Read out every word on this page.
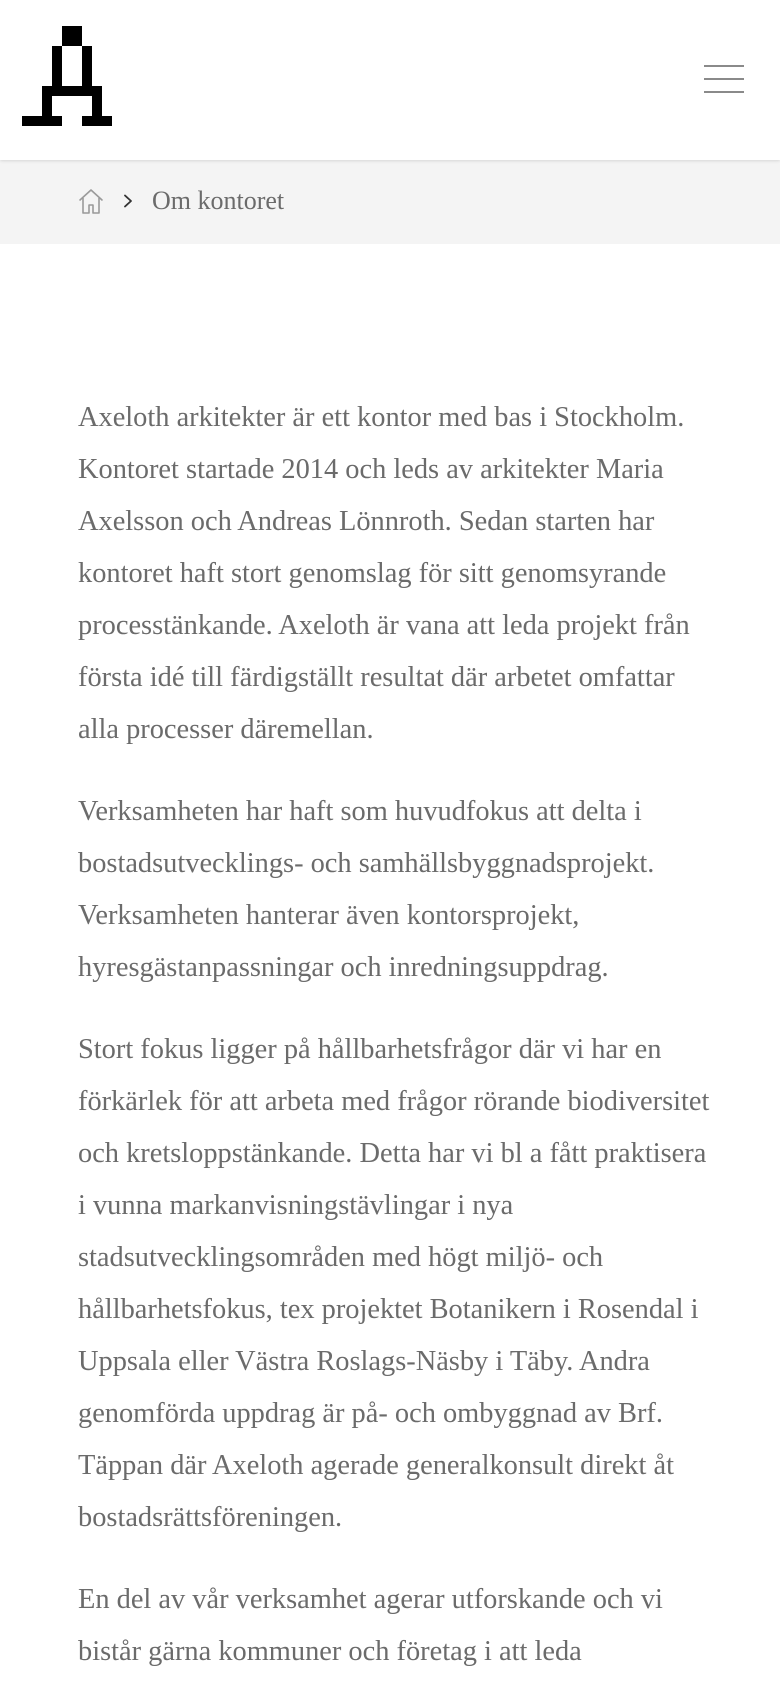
Om kontoret

Axeloth arkitekter är ett kontor med bas i Stockholm. Kontoret startade 2014 och leds av arkitekter Maria Axelsson och Andreas Lönnroth. Sedan starten har kontoret haft stort genomslag för sitt genomsyrande processtänkande. Axeloth är vana att leda projekt från första idé till färdigställt resultat där arbetet omfattar alla processer däremellan.

Verksamheten har haft som huvudfokus att delta i bostadsutvecklings- och samhällsbyggnadsprojekt. Verksamheten hanterar även kontorsprojekt, hyresgästanpassningar och inredningsuppdrag.

Stort fokus ligger på hållbarhetsfrågor där vi har en förkärlek för att arbeta med frågor rörande biodiversitet och kretsloppstänkande. Detta har vi bl a fått praktisera i vunna markanvisningstävlingar i nya stadsutvecklingsområden med högt miljö- och hållbarhetsfokus, tex projektet Botanikern i Rosendal i Uppsala eller Västra Roslags-Näsby i Täby. Andra genomförda uppdrag är på- och ombyggnad av Brf. Täppan där Axeloth agerade generalkonsult direkt åt bostadsrättsföreningen.

En del av vår verksamhet agerar utforskande och vi bistår gärna kommuner och företag i att leda
